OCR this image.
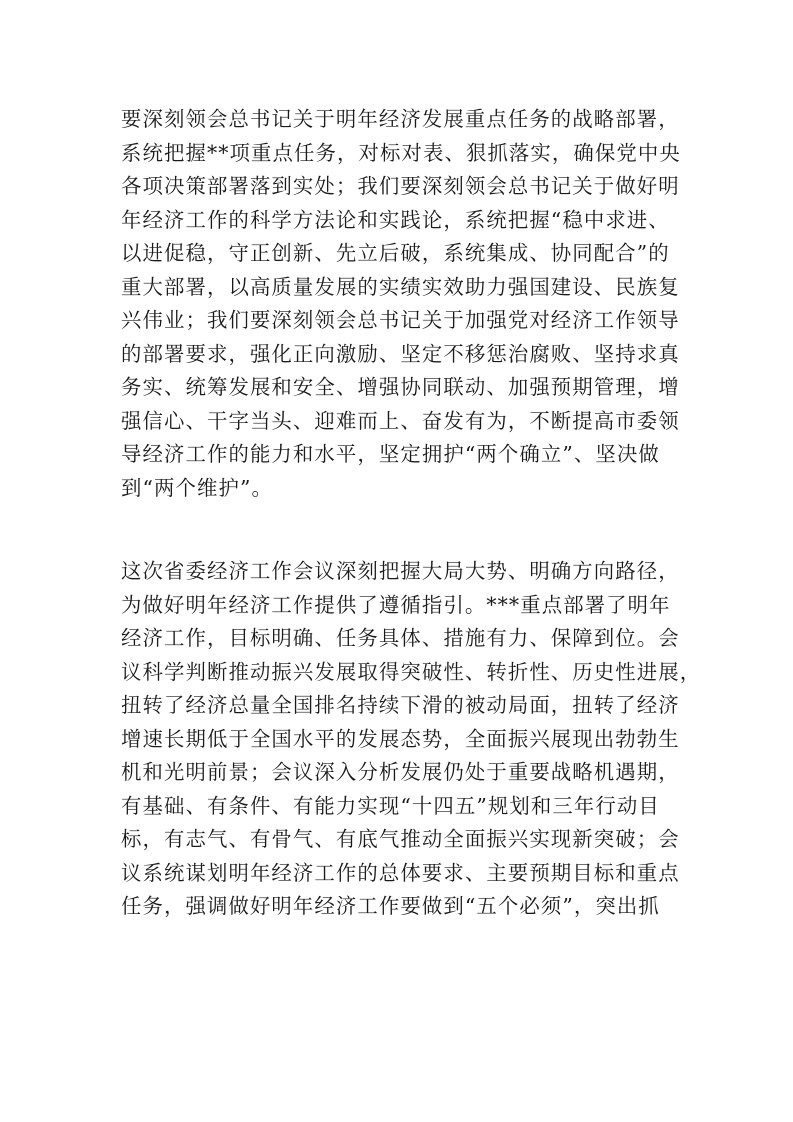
要深刻领会总书记关于明年经济发展重点任务的战略部署，
系统把握**项重点任务，对标对表、狠抓落实，确保党中央
各项决策部署落到实处；我们要深刻领会总书记关于做好明
年经济工作的科学方法论和实践论，系统把握“稳中求进、
以进促稳，守正创新、先立后破，系统集成、协同配合”的
重大部署，以高质量发展的实绩实效助力强国建设、民族复
兴伟业；我们要深刻领会总书记关于加强党对经济工作领导
的部署要求，强化正向激励、坚定不移惩治腐败、坚持求真
务实、统筹发展和安全、增强协同联动、加强预期管理，增
强信心、干字当头、迎难而上、奋发有为，不断提高市委领
导经济工作的能力和水平，坚定拥护“两个确立”、坚决做
到“两个维护”。
这次省委经济工作会议深刻把握大局大势、明确方向路径，
为做好明年经济工作提供了遵循指引。***重点部署了明年
经济工作，目标明确、任务具体、措施有力、保障到位。会
议科学判断推动振兴发展取得突破性、转折性、历史性进展，
扭转了经济总量全国排名持续下滑的被动局面，扭转了经济
增速长期低于全国水平的发展态势，全面振兴展现出勃勃生
机和光明前景；会议深入分析发展仍处于重要战略机遇期，
有基础、有条件、有能力实现“十四五”规划和三年行动目
标，有志气、有骨气、有底气推动全面振兴实现新突破；会
议系统谋划明年经济工作的总体要求、主要预期目标和重点
任务，强调做好明年经济工作要做到“五个必须”，突出抓
